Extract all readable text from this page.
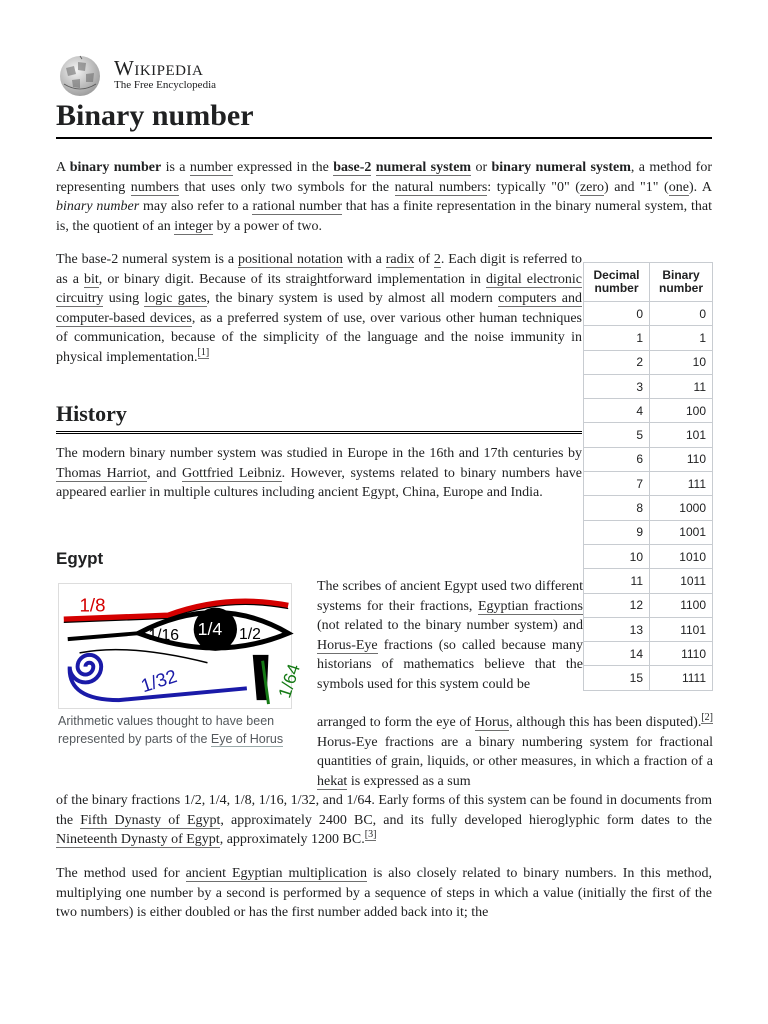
Wikipedia
The Free Encyclopedia
Binary number

A binary number is a number expressed in the base-2 numeral system or binary numeral system, a method for representing numbers that uses only two symbols for the natural numbers: typically "0" (zero) and "1" (one). A binary number may also refer to a rational number that has a finite representation in the binary numeral system, that is, the quotient of an integer by a power of two.

The base-2 numeral system is a positional notation with a radix of 2. Each digit is referred to as a bit, or binary digit. Because of its straightforward implementation in digital electronic circuitry using logic gates, the binary system is used by almost all modern computers and computer-based devices, as a preferred system of use, over various other human techniques of communication, because of the simplicity of the language and the noise immunity in physical implementation.[1]

History

The modern binary number system was studied in Europe in the 16th and 17th centuries by Thomas Harriot, and Gottfried Leibniz. However, systems related to binary numbers have appeared earlier in multiple cultures including ancient Egypt, China, Europe and India.

Egypt
1/8
1/16 1/4 1/2
1/32	1/64
Arithmetic values thought to have been represented by parts of the Eye of Horus

The scribes of ancient Egypt used two different systems for their fractions, Egyptian fractions (not related to the binary number system) and Horus-Eye fractions (so called because many historians of mathematics believe that the symbols used for this system could be

arranged to form the eye of Horus, although this has been disputed).[2] Horus-Eye fractions are a binary numbering system for fractional quantities of grain, liquids, or other measures, in which a fraction of a hekat is expressed as a sum

of the binary fractions 1/2, 1/4, 1/8, 1/16, 1/32, and 1/64. Early forms of this system can be found in documents from the Fifth Dynasty of Egypt, approximately 2400 BC, and its fully developed hieroglyphic form dates to the Nineteenth Dynasty of Egypt, approximately 1200 BC.[3]

The method used for ancient Egyptian multiplication is also closely related to binary numbers. In this method, multiplying one number by a second is performed by a sequence of steps in which a value (initially the first of the two numbers) is either doubled or has the first number added back into it; the

Decimal number	Binary number
0	0
1	1
2	10
3	11
4	100
5	101
6	110
7	111
8	1000
9	1001
10	1010
11	1011
12	1100
13	1101
14	1110
15	1111
